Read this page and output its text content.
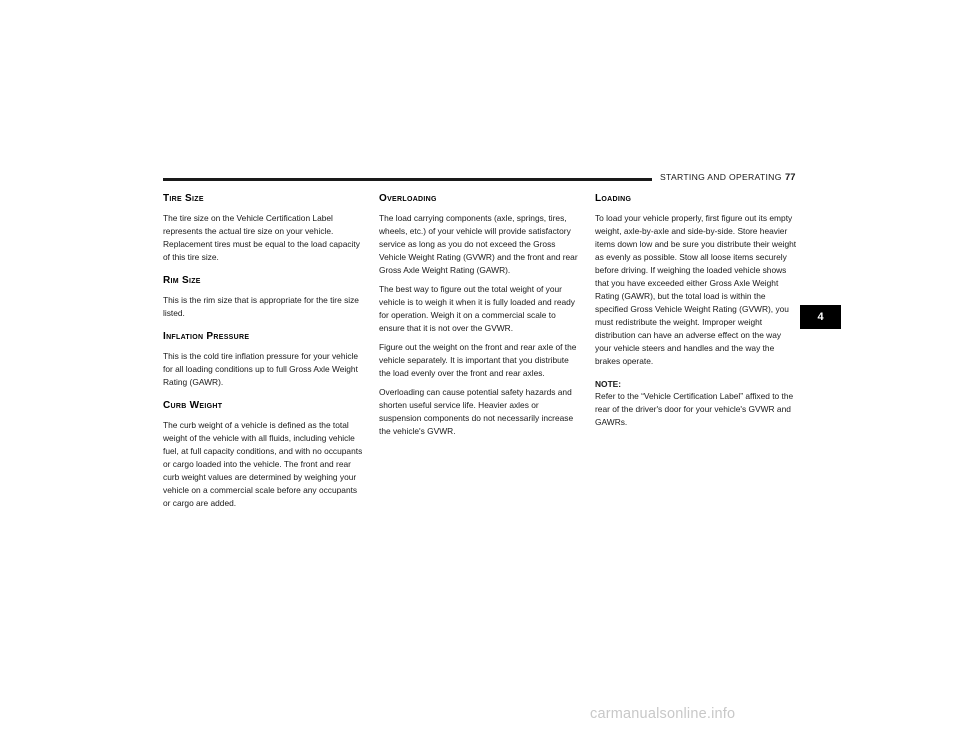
STARTING AND OPERATING 77
4
Tire Size

The tire size on the Vehicle Certification Label represents the actual tire size on your vehicle. Replacement tires must be equal to the load capacity of this tire size.

Rim Size

This is the rim size that is appropriate for the tire size listed.

Inflation Pressure

This is the cold tire inflation pressure for your vehicle for all loading conditions up to full Gross Axle Weight Rating (GAWR).

Curb Weight

The curb weight of a vehicle is defined as the total weight of the vehicle with all fluids, including vehicle fuel, at full capacity conditions, and with no occupants or cargo loaded into the vehicle. The front and rear curb weight values are determined by weighing your vehicle on a commercial scale before any occupants or cargo are added.

Overloading

The load carrying components (axle, springs, tires, wheels, etc.) of your vehicle will provide satisfactory service as long as you do not exceed the Gross Vehicle Weight Rating (GVWR) and the front and rear Gross Axle Weight Rating (GAWR).

The best way to figure out the total weight of your vehicle is to weigh it when it is fully loaded and ready for operation. Weigh it on a commercial scale to ensure that it is not over the GVWR.

Figure out the weight on the front and rear axle of the vehicle separately. It is important that you distribute the load evenly over the front and rear axles.

Overloading can cause potential safety hazards and shorten useful service life. Heavier axles or suspension components do not necessarily increase the vehicle's GVWR.

Loading

To load your vehicle properly, first figure out its empty weight, axle-by-axle and side-by-side. Store heavier items down low and be sure you distribute their weight as evenly as possible. Stow all loose items securely before driving. If weighing the loaded vehicle shows that you have exceeded either Gross Axle Weight Rating (GAWR), but the total load is within the specified Gross Vehicle Weight Rating (GVWR), you must redistribute the weight. Improper weight distribution can have an adverse effect on the way your vehicle steers and handles and the way the brakes operate.

NOTE:

Refer to the “Vehicle Certification Label” affixed to the rear of the driver's door for your vehicle's GVWR and GAWRs.

carmanualsonline.info
